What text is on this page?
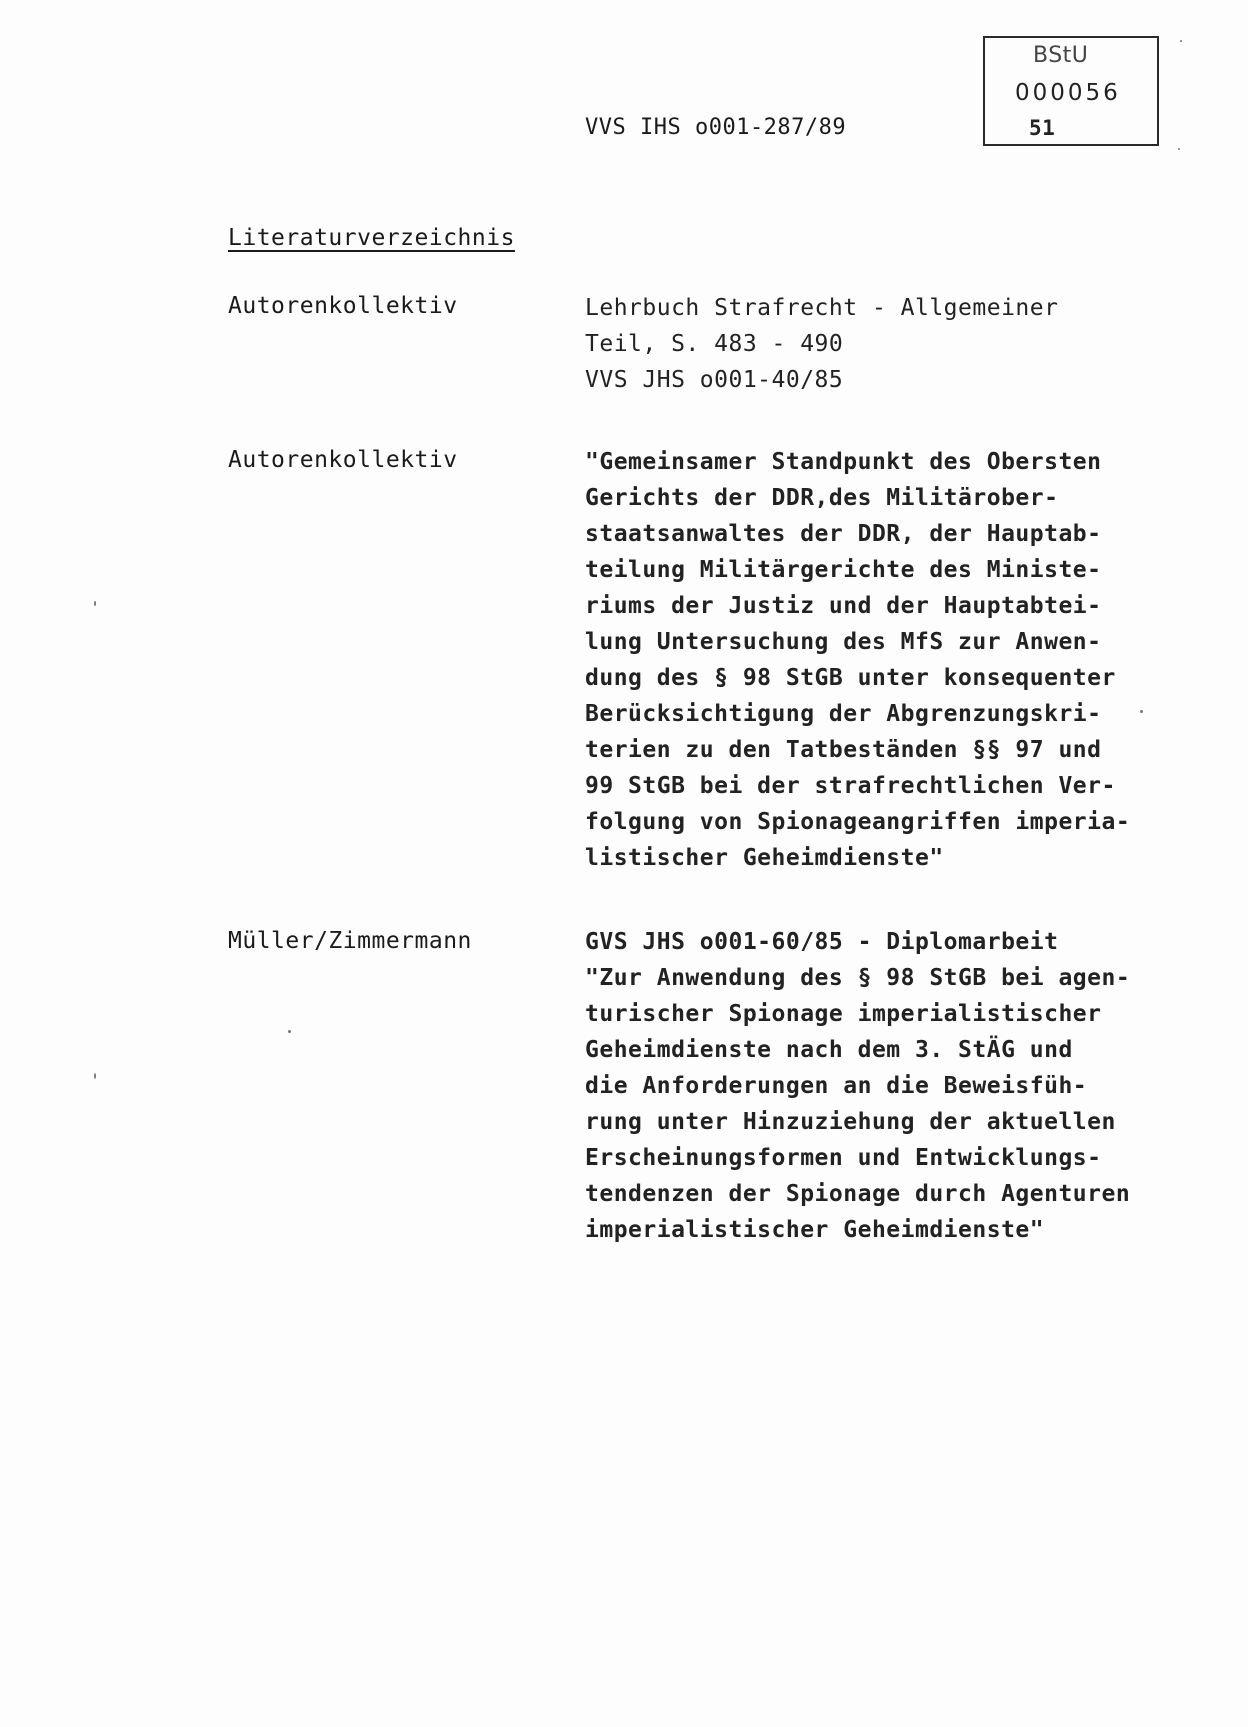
VVS IHS o001-287/89
BStU
000056
51
Literaturverzeichnis
Autorenkollektiv	Lehrbuch Strafrecht - Allgemeiner
Teil, S. 483 - 490
VVS JHS o001-40/85
Autorenkollektiv	"Gemeinsamer Standpunkt des Obersten
Gerichts der DDR,des Militärober-
staatsanwaltes der DDR, der Hauptab-
teilung Militärgerichte des Ministe-
riums der Justiz und der Hauptabtei-
lung Untersuchung des MfS zur Anwen-
dung des § 98 StGB unter konsequenter
Berücksichtigung der Abgrenzungskri-
terien zu den Tatbeständen §§ 97 und
99 StGB bei der strafrechtlichen Ver-
folgung von Spionageangriffen imperia-
listischer Geheimdienste"
Müller/Zimmermann	GVS JHS o001-60/85 - Diplomarbeit
"Zur Anwendung des § 98 StGB bei agen-
turischer Spionage imperialistischer
Geheimdienste nach dem 3. StÄG und
die Anforderungen an die Beweisfüh-
rung unter Hinzuziehung der aktuellen
Erscheinungsformen und Entwicklungs-
tendenzen der Spionage durch Agenturen
imperialistischer Geheimdienste"
